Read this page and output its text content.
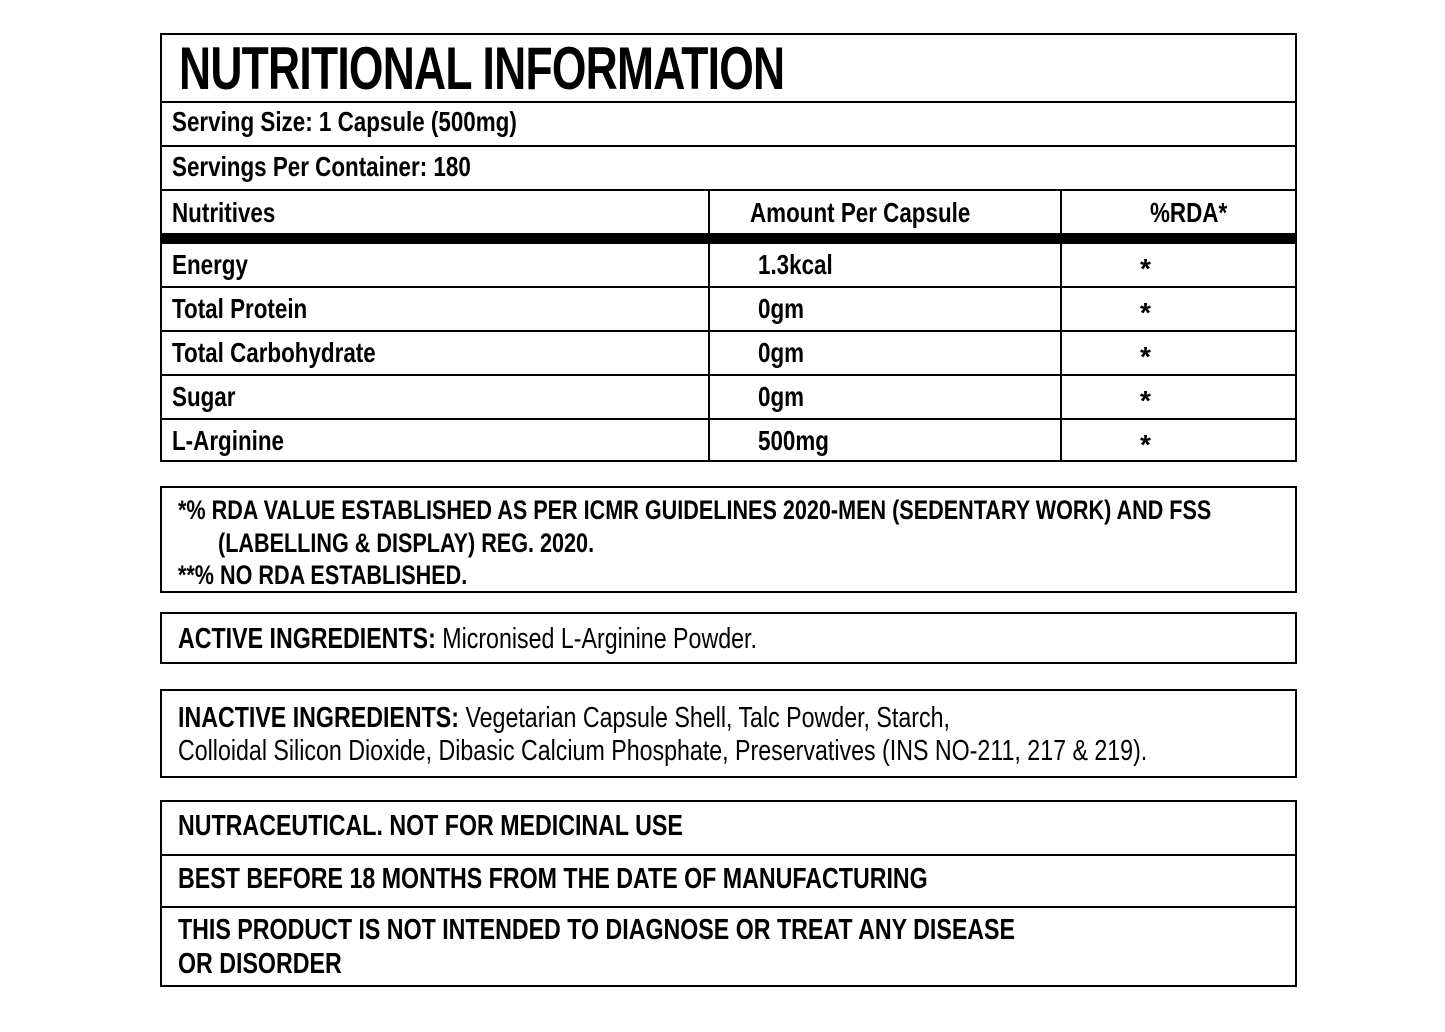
NUTRITIONAL INFORMATION
Serving Size: 1 Capsule (500mg)
Servings Per Container: 180
Nutritives	Amount Per Capsule	%RDA*
Energy	1.3kcal	*
Total Protein	0gm	*
Total Carbohydrate	0gm	*
Sugar	0gm	*
L-Arginine	500mg	*
*% RDA VALUE ESTABLISHED AS PER ICMR GUIDELINES 2020-MEN (SEDENTARY WORK) AND FSS
(LABELLING & DISPLAY) REG. 2020.
**% NO RDA ESTABLISHED.
ACTIVE INGREDIENTS: Micronised L-Arginine Powder.
INACTIVE INGREDIENTS: Vegetarian Capsule Shell, Talc Powder, Starch,
Colloidal Silicon Dioxide, Dibasic Calcium Phosphate, Preservatives (INS NO-211, 217 & 219).
NUTRACEUTICAL. NOT FOR MEDICINAL USE
BEST BEFORE 18 MONTHS FROM THE DATE OF MANUFACTURING
THIS PRODUCT IS NOT INTENDED TO DIAGNOSE OR TREAT ANY DISEASE
OR DISORDER
